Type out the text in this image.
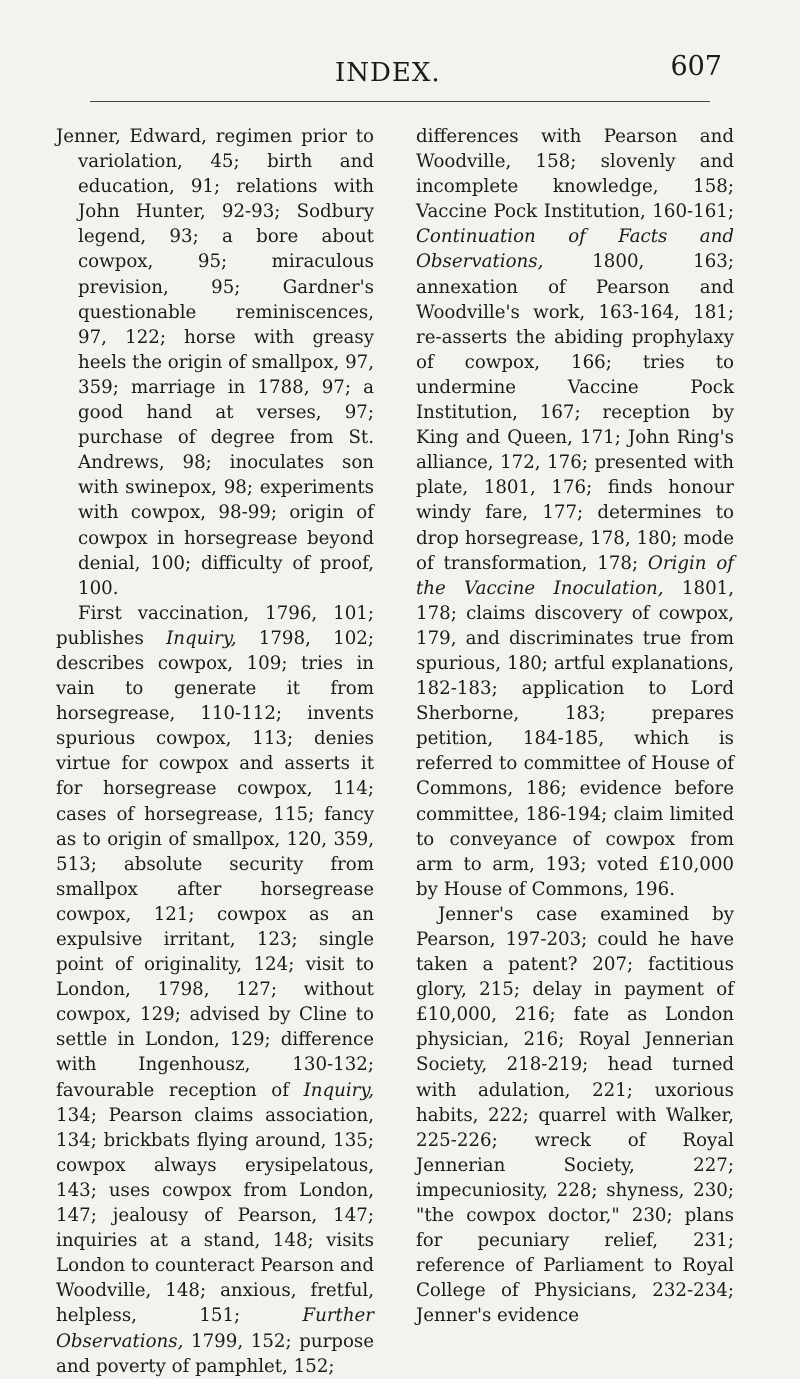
INDEX.	607

Jenner, Edward, regimen prior to variolation, 45; birth and education, 91; relations with John Hunter, 92-93; Sodbury legend, 93; a bore about cowpox, 95; miraculous prevision, 95; Gardner's questionable reminiscences, 97, 122; horse with greasy heels the origin of smallpox, 97, 359; marriage in 1788, 97; a good hand at verses, 97; purchase of degree from St. Andrews, 98; inoculates son with swinepox, 98; experiments with cowpox, 98-99; origin of cowpox in horsegrease beyond denial, 100; difficulty of proof, 100.

First vaccination, 1796, 101; publishes Inquiry, 1798, 102; describes cowpox, 109; tries in vain to generate it from horsegrease, 110-112; invents spurious cowpox, 113; denies virtue for cowpox and asserts it for horsegrease cowpox, 114; cases of horsegrease, 115; fancy as to origin of smallpox, 120, 359, 513; absolute security from smallpox after horsegrease cowpox, 121; cowpox as an expulsive irritant, 123; single point of originality, 124; visit to London, 1798, 127; without cowpox, 129; advised by Cline to settle in London, 129; difference with Ingenhousz, 130-132; favourable reception of Inquiry, 134; Pearson claims association, 134; brickbats flying around, 135; cowpox always erysipelatous, 143; uses cowpox from London, 147; jealousy of Pearson, 147; inquiries at a stand, 148; visits London to counteract Pearson and Woodville, 148; anxious, fretful, helpless, 151; Further Observations, 1799, 152; purpose and poverty of pamphlet, 152;

differences with Pearson and Woodville, 158; slovenly and incomplete knowledge, 158; Vaccine Pock Institution, 160-161; Continuation of Facts and Observations, 1800, 163; annexation of Pearson and Woodville's work, 163-164, 181; re-asserts the abiding prophylaxy of cowpox, 166; tries to undermine Vaccine Pock Institution, 167; reception by King and Queen, 171; John Ring's alliance, 172, 176; presented with plate, 1801, 176; finds honour windy fare, 177; determines to drop horsegrease, 178, 180; mode of transformation, 178; Origin of the Vaccine Inoculation, 1801, 178; claims discovery of cowpox, 179, and discriminates true from spurious, 180; artful explanations, 182-183; application to Lord Sherborne, 183; prepares petition, 184-185, which is referred to committee of House of Commons, 186; evidence before committee, 186-194; claim limited to conveyance of cowpox from arm to arm, 193; voted £10,000 by House of Commons, 196.

Jenner's case examined by Pearson, 197-203; could he have taken a patent? 207; factitious glory, 215; delay in payment of £10,000, 216; fate as London physician, 216; Royal Jennerian Society, 218-219; head turned with adulation, 221; uxorious habits, 222; quarrel with Walker, 225-226; wreck of Royal Jennerian Society, 227; impecuniosity, 228; shyness, 230; "the cowpox doctor," 230; plans for pecuniary relief, 231; reference of Parliament to Royal College of Physicians, 232-234; Jenner's evidence
